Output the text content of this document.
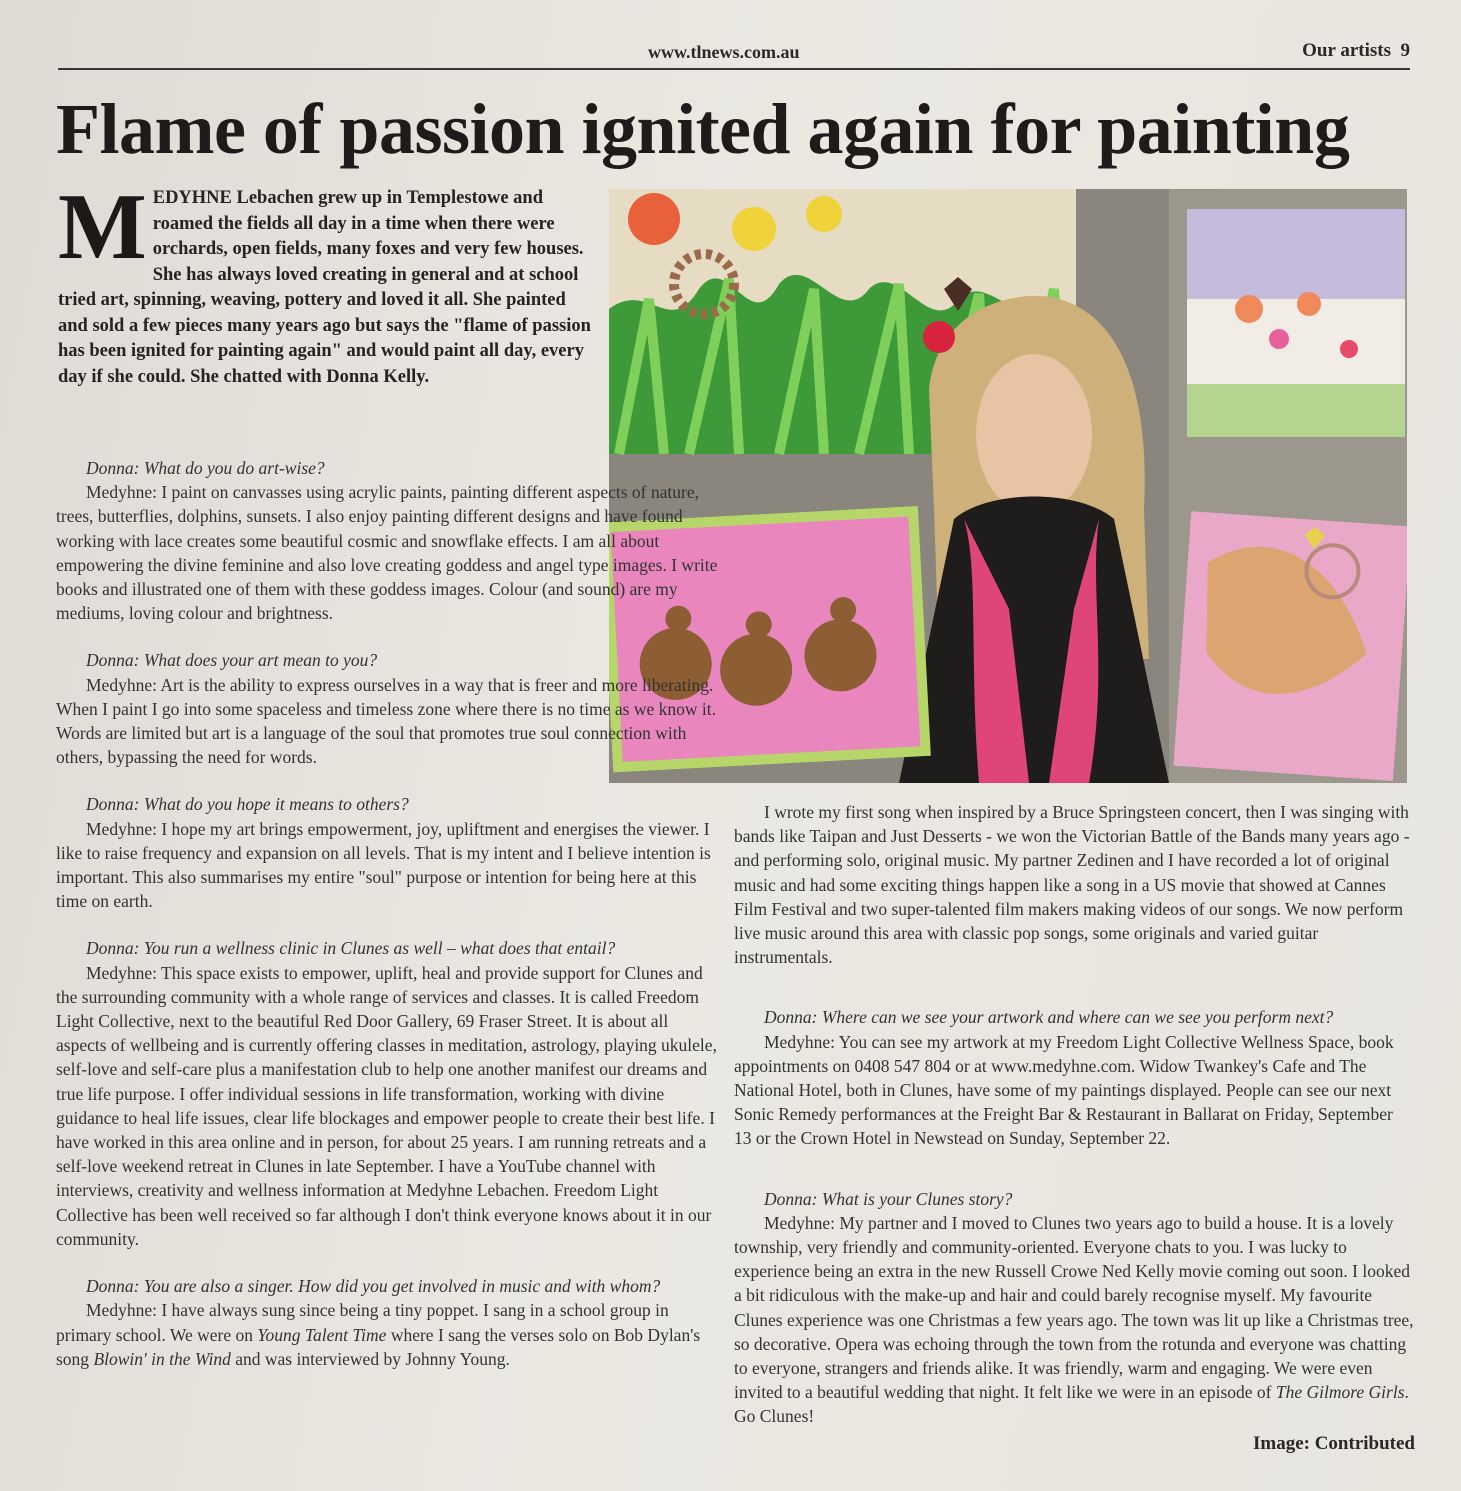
www.tlnews.com.au	Our artists 9
Flame of passion ignited again for painting

MEDYHNE Lebachen grew up in Templestowe and roamed the fields all day in a time when there were orchards, open fields, many foxes and very few houses. She has always loved creating in general and at school tried art, spinning, weaving, pottery and loved it all. She painted and sold a few pieces many years ago but says the "flame of passion has been ignited for painting again" and would paint all day, every day if she could. She chatted with Donna Kelly.

Donna: What do you do art-wise?

Medyhne: I paint on canvasses using acrylic paints, painting different aspects of nature, trees, butterflies, dolphins, sunsets. I also enjoy painting different designs and have found working with lace creates some beautiful cosmic and snowflake effects. I am all about empowering the divine feminine and also love creating goddess and angel type images. I write books and illustrated one of them with these goddess images. Colour (and sound) are my mediums, loving colour and brightness.

Donna: What does your art mean to you?

Medyhne: Art is the ability to express ourselves in a way that is freer and more liberating. When I paint I go into some spaceless and timeless zone where there is no time as we know it. Words are limited but art is a language of the soul that promotes true soul connection with others, bypassing the need for words.

Donna: What do you hope it means to others?

Medyhne: I hope my art brings empowerment, joy, upliftment and energises the viewer. I like to raise frequency and expansion on all levels. That is my intent and I believe intention is important. This also summarises my entire "soul" purpose or intention for being here at this time on earth.

Donna: You run a wellness clinic in Clunes as well – what does that entail?

Medyhne: This space exists to empower, uplift, heal and provide support for Clunes and the surrounding community with a whole range of services and classes. It is called Freedom Light Collective, next to the beautiful Red Door Gallery, 69 Fraser Street. It is about all aspects of wellbeing and is currently offering classes in meditation, astrology, playing ukulele, self-love and self-care plus a manifestation club to help one another manifest our dreams and true life purpose. I offer individual sessions in life transformation, working with divine guidance to heal life issues, clear life blockages and empower people to create their best life. I have worked in this area online and in person, for about 25 years. I am running retreats and a self-love weekend retreat in Clunes in late September. I have a YouTube channel with interviews, creativity and wellness information at Medyhne Lebachen. Freedom Light Collective has been well received so far although I don't think everyone knows about it in our community.

Donna: You are also a singer. How did you get involved in music and with whom?

Medyhne: I have always sung since being a tiny poppet. I sang in a school group in primary school. We were on Young Talent Time where I sang the verses solo on Bob Dylan's song Blowin' in the Wind and was interviewed by Johnny Young.

I wrote my first song when inspired by a Bruce Springsteen concert, then I was singing with bands like Taipan and Just Desserts - we won the Victorian Battle of the Bands many years ago - and performing solo, original music. My partner Zedinen and I have recorded a lot of original music and had some exciting things happen like a song in a US movie that showed at Cannes Film Festival and two super-talented film makers making videos of our songs. We now perform live music around this area with classic pop songs, some originals and varied guitar instrumentals.

Donna: Where can we see your artwork and where can we see you perform next?

Medyhne: You can see my artwork at my Freedom Light Collective Wellness Space, book appointments on 0408 547 804 or at www.medyhne.com. Widow Twankey's Cafe and The National Hotel, both in Clunes, have some of my paintings displayed. People can see our next Sonic Remedy performances at the Freight Bar & Restaurant in Ballarat on Friday, September 13 or the Crown Hotel in Newstead on Sunday, September 22.

Donna: What is your Clunes story?

Medyhne: My partner and I moved to Clunes two years ago to build a house. It is a lovely township, very friendly and community-oriented. Everyone chats to you. I was lucky to experience being an extra in the new Russell Crowe Ned Kelly movie coming out soon. I looked a bit ridiculous with the make-up and hair and could barely recognise myself. My favourite Clunes experience was one Christmas a few years ago. The town was lit up like a Christmas tree, so decorative. Opera was echoing through the town from the rotunda and everyone was chatting to everyone, strangers and friends alike. It was friendly, warm and engaging. We were even invited to a beautiful wedding that night. It felt like we were in an episode of The Gilmore Girls. Go Clunes!

Image: Contributed
